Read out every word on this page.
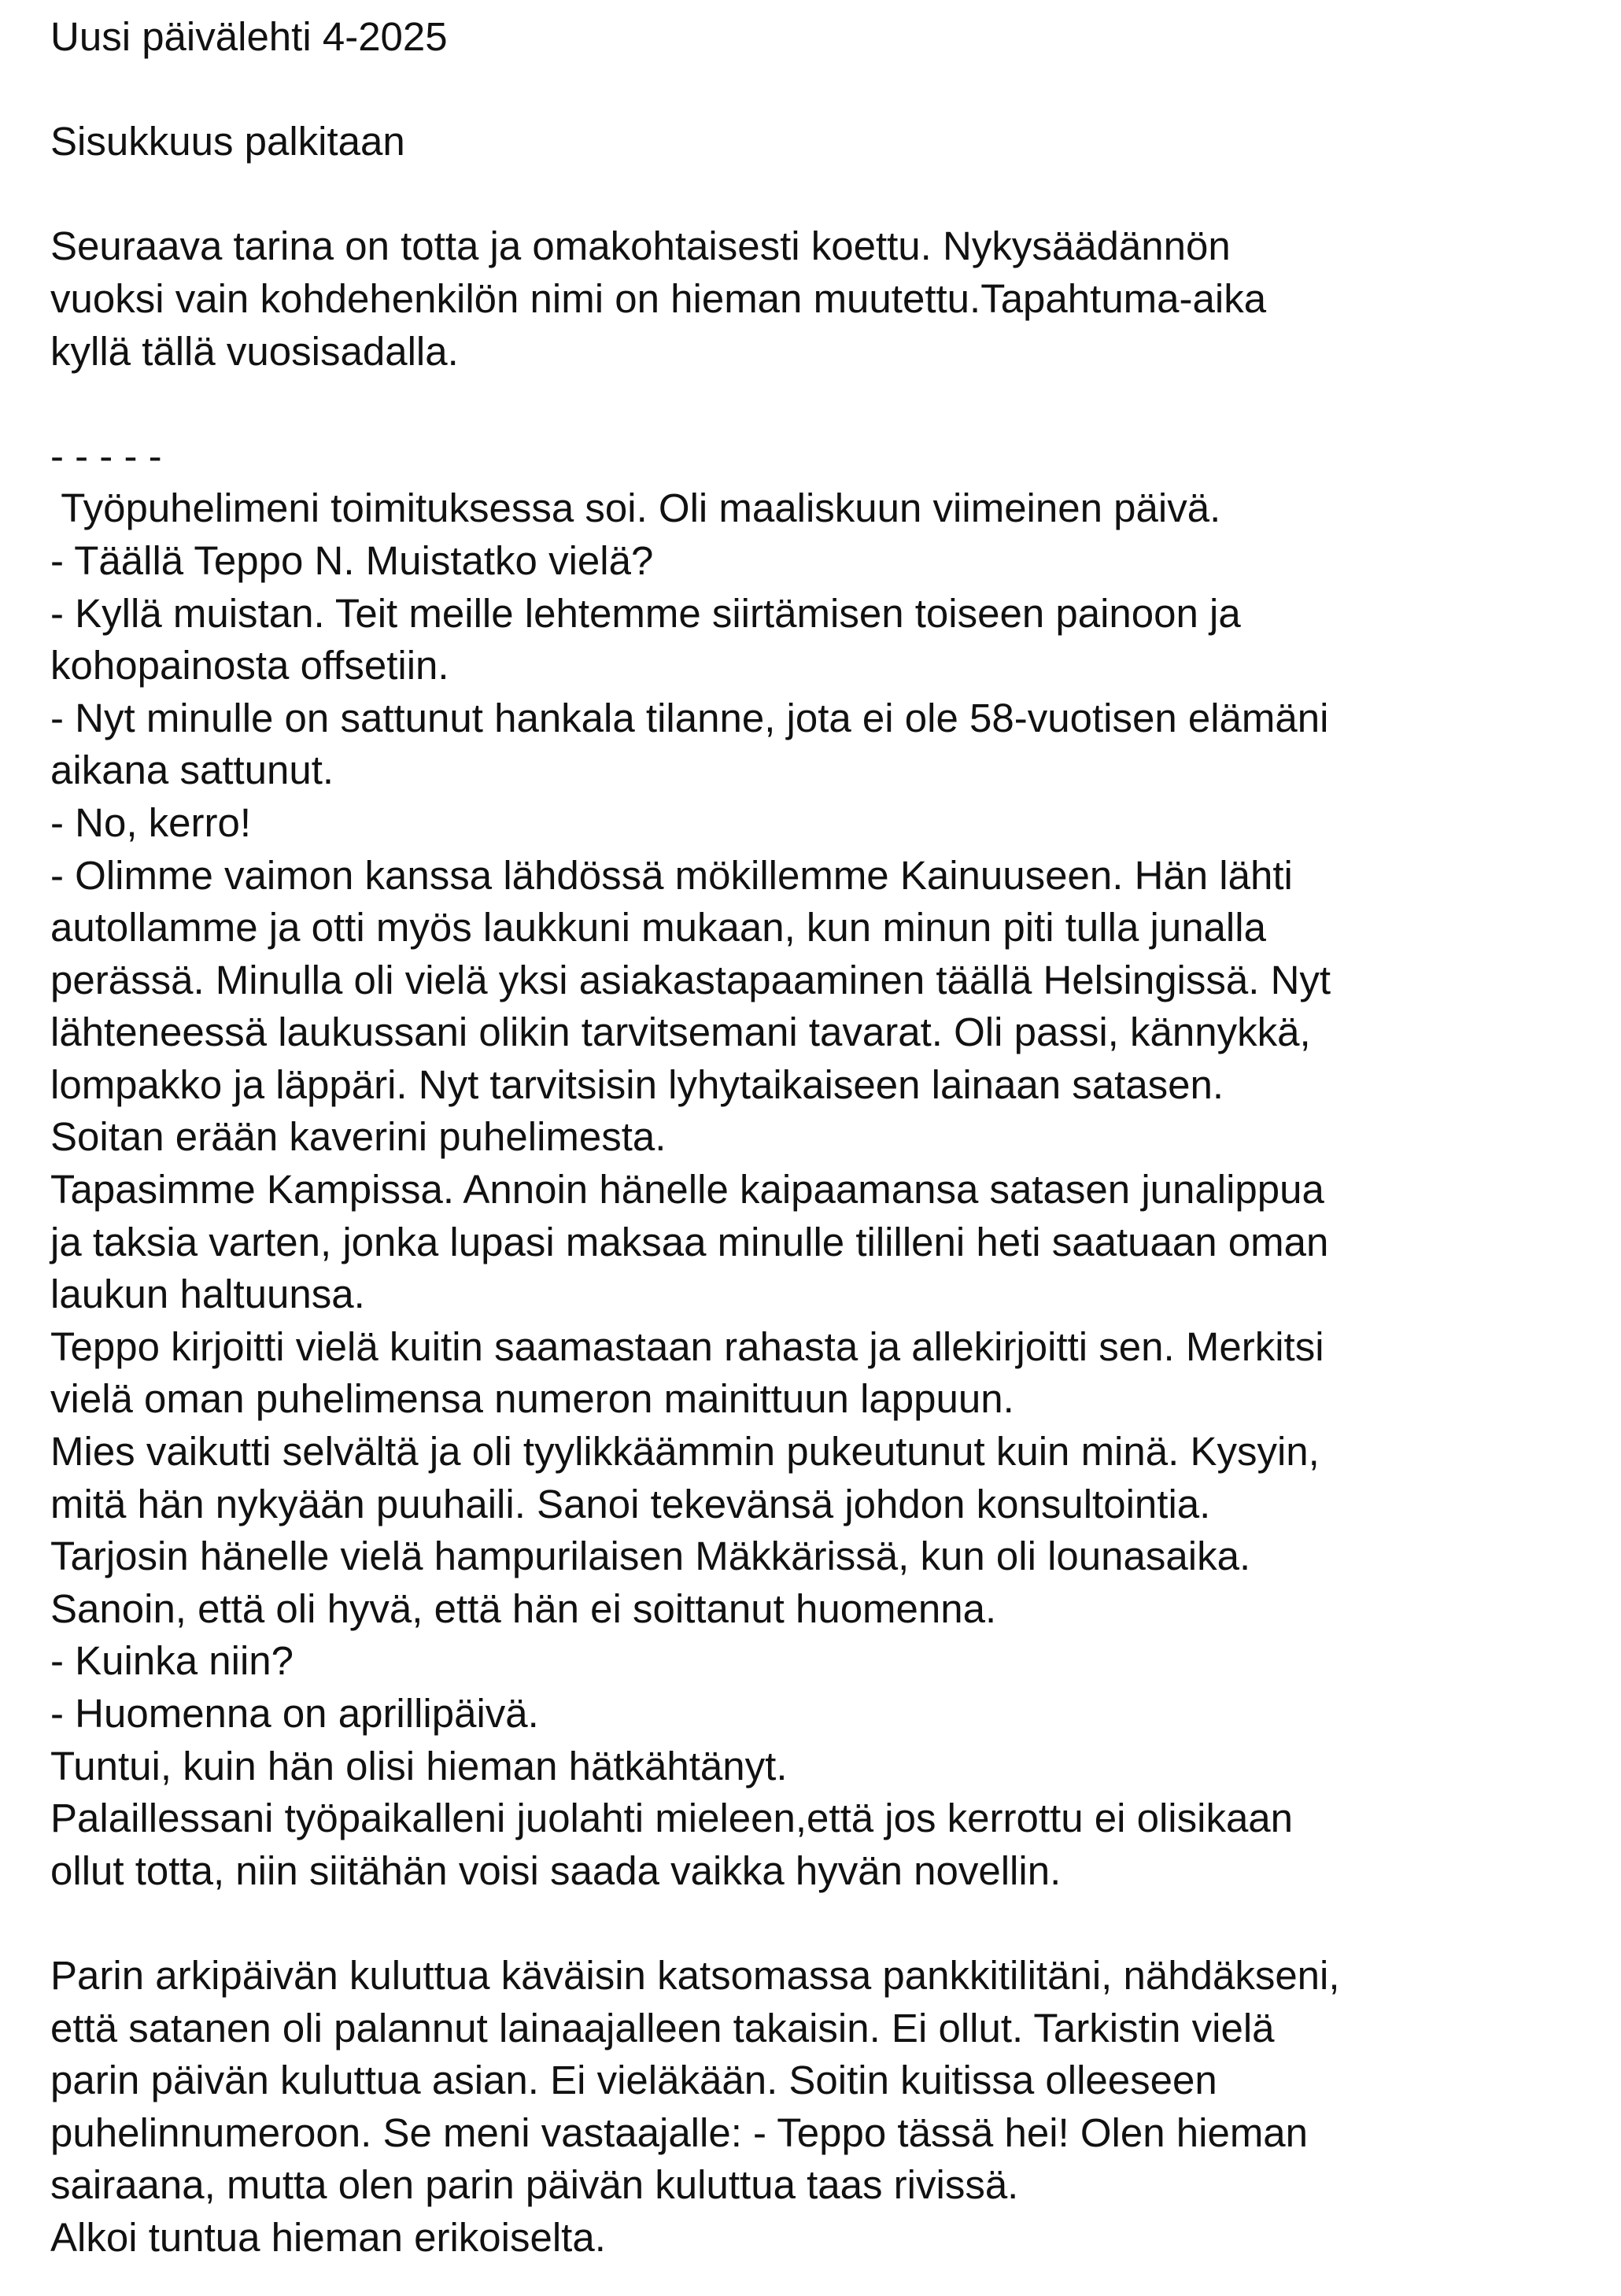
Uusi päivälehti 4-2025
Sisukkuus palkitaan
Seuraava tarina on totta ja omakohtaisesti koettu. Nykysäädännön
vuoksi vain kohdehenkilön nimi on hieman muutettu.Tapahtuma-aika
kyllä tällä vuosisadalla.
- - - - -
Työpuhelimeni toimituksessa soi. Oli maaliskuun viimeinen päivä.
- Täällä Teppo N. Muistatko vielä?
- Kyllä muistan. Teit meille lehtemme siirtämisen toiseen painoon ja
kohopainosta offsetiin.
- Nyt minulle on sattunut hankala tilanne, jota ei ole 58-vuotisen elämäni
aikana sattunut.
- No, kerro!
- Olimme vaimon kanssa lähdössä mökillemme Kainuuseen. Hän lähti
autollamme ja otti myös laukkuni mukaan, kun minun piti tulla junalla
perässä. Minulla oli vielä yksi asiakastapaaminen täällä Helsingissä. Nyt
lähteneessä laukussani olikin tarvitsemani tavarat. Oli passi, kännykkä,
lompakko ja läppäri. Nyt tarvitsisin lyhytaikaiseen lainaan satasen.
Soitan erään kaverini puhelimesta.
Tapasimme Kampissa. Annoin hänelle kaipaamansa satasen junalippua
ja taksia varten, jonka lupasi maksaa minulle tililleni heti saatuaan oman
laukun haltuunsa.
Teppo kirjoitti vielä kuitin saamastaan rahasta ja allekirjoitti sen. Merkitsi
vielä oman puhelimensa numeron mainittuun lappuun.
Mies vaikutti selvältä ja oli tyylikkäämmin pukeutunut kuin minä. Kysyin,
mitä hän nykyään puuhaili. Sanoi tekevänsä johdon konsultointia.
Tarjosin hänelle vielä hampurilaisen Mäkkärissä, kun oli lounasaika.
Sanoin, että oli hyvä, että hän ei soittanut huomenna.
- Kuinka niin?
- Huomenna on aprillipäivä.
Tuntui, kuin hän olisi hieman hätkähtänyt.
Palaillessani työpaikalleni juolahti mieleen,että jos kerrottu ei olisikaan
ollut totta, niin siitähän voisi saada vaikka hyvän novellin.
Parin arkipäivän kuluttua käväisin katsomassa pankkitilitäni, nähdäkseni,
että satanen oli palannut lainaajalleen takaisin. Ei ollut. Tarkistin vielä
parin päivän kuluttua asian. Ei vieläkään. Soitin kuitissa olleeseen
puhelinnumeroon. Se meni vastaajalle: - Teppo tässä hei! Olen hieman
sairaana, mutta olen parin päivän kuluttua taas rivissä.
Alkoi tuntua hieman erikoiselta.
